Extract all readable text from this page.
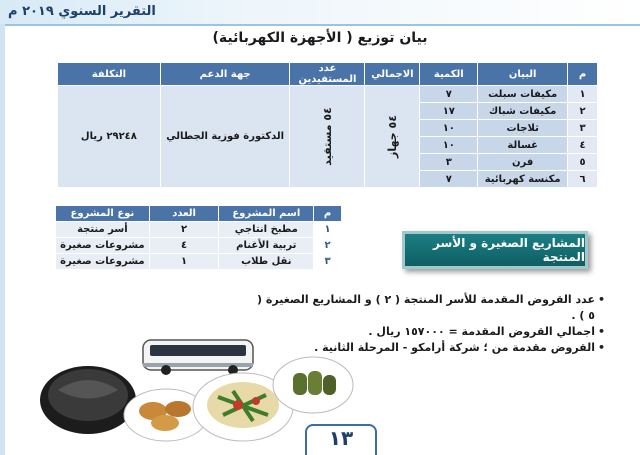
التقرير السنوي ٢٠١٩ م
بيان توزيع ( الأجهزة الكهربائية)
م	البيان	الكمية	الاجمالي	عدد المستفيدين	جهة الدعم	التكلفة
١	مكيفات سبلت	٧	٥٤ جهاز	٥٤ مستفيد	الدكتورة فوزية الجطالي	٢٩٢٤٨ ريال
٢	مكيفات شباك	١٧				
٣	ثلاجات	١٠				
٤	غسالة	١٠				
٥	فرن	٣				
٦	مكنسة كهربائية	٧				
م	اسم المشروع	العدد	نوع المشروع
١	مطبخ انتاجي	٢	أسر منتجة
٢	تربية الأغنام	٤	مشروعات صغيرة
٣	نقل طلاب	١	مشروعات صغيرة
المشاريع الصغيرة و الأسر المنتجة
• عدد القروض المقدمة للأسر المنتجة ( ٢ ) و المشاريع الصغيرة ( ٥ ) .
• اجمالي القروض المقدمة = ١٥٧٠٠٠ ريال .
• القروض مقدمة من ؛ شركة أرامكو - المرحلة الثانية .
١٣
